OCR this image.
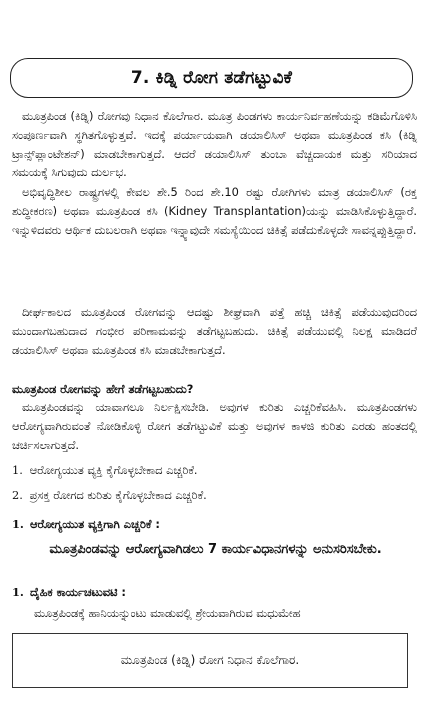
7. ಕಿಡ್ನಿ ರೋಗ ತಡೆಗಟ್ಟುವಿಕೆ
ಮೂತ್ರಪಿಂಡ (ಕಿಡ್ನಿ) ರೋಗವು ನಿಧಾನ ಕೊಲೆಗಾರ. ಮೂತ್ರ ಪಿಂಡಗಳು ಕಾರ್ಯನಿರ್ವಹಣೆಯನ್ನು ಕಡಿಮೆಗೊಳಿಸಿ ಸಂಪೂರ್ಣವಾಗಿ ಸ್ಥಗಿತಗೊಳ್ಳುತ್ತವೆ. ಇದಕ್ಕೆ ಪರ್ಯಾಯವಾಗಿ ಡಯಾಲಿಸಿಸ್ ಅಥವಾ ಮೂತ್ರಪಿಂಡ ಕಸಿ (ಕಿಡ್ನಿ ಟ್ರಾನ್ಸ್‌ಪ್ಲಾಂಟೇಶನ್) ಮಾಡಬೇಕಾಗುತ್ತದೆ. ಆದರೆ ಡಯಾಲಿಸಿಸ್ ತುಂಬಾ ವೆಚ್ಚದಾಯಕ ಮತ್ತು ಸರಿಯಾದ ಸಮಯಕ್ಕೆ ಸಿಗುವುದು ದುರ್ಲಭ.
ಅಭಿವೃದ್ಧಿಶೀಲ ರಾಷ್ಟ್ರಗಳಲ್ಲಿ ಕೇವಲ ಶೇ.5 ರಿಂದ ಶೇ.10 ರಷ್ಟು ರೋಗಿಗಳು ಮಾತ್ರ ಡಯಾಲಿಸಿಸ್ (ರಕ್ತ ಶುದ್ಧೀಕರಣ) ಅಥವಾ ಮೂತ್ರಪಿಂಡ ಕಸಿ (Kidney Transplantation)ಯನ್ನು ಮಾಡಿಸಿಕೊಳ್ಳುತ್ತಿದ್ದಾರೆ. ಇನ್ನುಳಿದವರು ಆರ್ಥಿಕ ದುಬಲರಾಗಿ ಅಥವಾ ಇನ್ನ್ಯಾವುದೇ ಸಮಸ್ಯೆಯಿಂದ ಚಿಕಿತ್ಸೆ ಪಡೆದುಕೊಳ್ಳದೇ ಸಾವನ್ನಪ್ಪುತ್ತಿದ್ದಾರೆ.
ದೀರ್ಘಕಾಲದ ಮೂತ್ರಪಿಂಡ ರೋಗವನ್ನು ಆದಷ್ಟು ಶೀಘ್ರವಾಗಿ ಪತ್ತೆ ಹಚ್ಚಿ ಚಿಕಿತ್ಸೆ ಪಡೆಯುವುದರಿಂದ ಮುಂದಾಗಬಹುದಾದ ಗಂಭೀರ ಪರಿಣಾಮವನ್ನು ತಡೆಗಟ್ಟಬಹುದು. ಚಿಕಿತ್ಸೆ ಪಡೆಯುವಲ್ಲಿ ನಿಲಕ್ಷ ಮಾಡಿದರೆ ಡಯಾಲಿಸಿಸ್ ಅಥವಾ ಮೂತ್ರಪಿಂಡ ಕಸಿ ಮಾಡಬೇಕಾಗುತ್ತದೆ.
ಮೂತ್ರಪಿಂಡ ರೋಗವನ್ನು ಹೇಗೆ ತಡೆಗಟ್ಟಬಹುದು?
ಮೂತ್ರಪಿಂಡವನ್ನು ಯಾವಾಗಲೂ ನಿರ್ಲಕ್ಷಿಸಬೇಡಿ. ಅವುಗಳ ಕುರಿತು ಎಚ್ಚರಿಕೆವಹಿಸಿ. ಮೂತ್ರಪಿಂಡಗಳು ಆರೋಗ್ಯವಾಗಿರುವಂತೆ ನೋಡಿಕೊಳ್ಳಿ ರೋಗ ತಡೆಗಟ್ಟುವಿಕೆ ಮತ್ತು ಅವುಗಳ ಕಾಳಜಿ ಕುರಿತು ಎರಡು ಹಂತದಲ್ಲಿ ಚರ್ಚಿಸಲಾಗುತ್ತದೆ.
1. ಆರೋಗ್ಯಯುತ ವ್ಯಕ್ತಿ ಕೈಗೊಳ್ಳಬೇಕಾದ ಎಚ್ಚರಿಕೆ.
2. ಪ್ರಸಕ್ತ ರೋಗದ ಕುರಿತು ಕೈಗೊಳ್ಳಬೇಕಾದ ಎಚ್ಚರಿಕೆ.
1. ಆರೋಗ್ಯಯುತ ವ್ಯಕ್ತಿಗಾಗಿ ಎಚ್ಚರಿಕೆ :
ಮೂತ್ರಪಿಂಡವನ್ನು ಆರೋಗ್ಯವಾಗಿಡಲು 7 ಕಾರ್ಯವಿಧಾನಗಳನ್ನು ಅನುಸರಿಸಬೇಕು.
1. ದೈಹಿಕ ಕಾರ್ಯಚಟುವಟಿ :
ಮೂತ್ರಪಿಂಡಕ್ಕೆ ಹಾನಿಯನ್ನುಂಟು ಮಾಡುವಲ್ಲಿ ಶ್ರೇಯವಾಗಿರುವ ಮಧುಮೇಹ
ಮೂತ್ರಪಿಂಡ (ಕಿಡ್ನಿ) ರೋಗ ನಿಧಾನ ಕೊಲೆಗಾರ.
